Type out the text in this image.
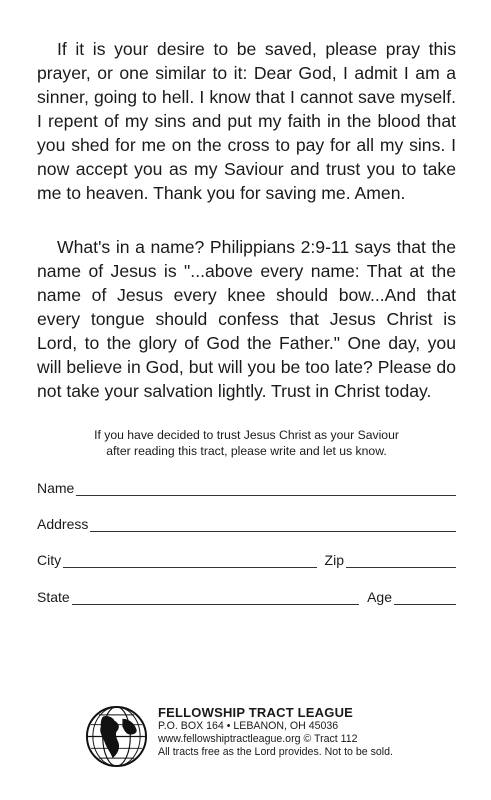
If it is your desire to be saved, please pray this prayer, or one similar to it: Dear God, I admit I am a sinner, going to hell. I know that I cannot save myself. I repent of my sins and put my faith in the blood that you shed for me on the cross to pay for all my sins. I now accept you as my Saviour and trust you to take me to heaven. Thank you for saving me. Amen.

What's in a name? Philippians 2:9-11 says that the name of Jesus is "...above every name: That at the name of Jesus every knee should bow...And that every tongue should confess that Jesus Christ is Lord, to the glory of God the Father." One day, you will believe in God, but will you be too late? Please do not take your salvation lightly. Trust in Christ today.

If you have decided to trust Jesus Christ as your Saviour
after reading this tract, please write and let us know.
Name
Address
City	Zip
State	Age
FELLOWSHIP TRACT LEAGUE
P.O. BOX 164 • LEBANON, OH 45036
www.fellowshiptractleague.org © Tract 112
All tracts free as the Lord provides. Not to be sold.
